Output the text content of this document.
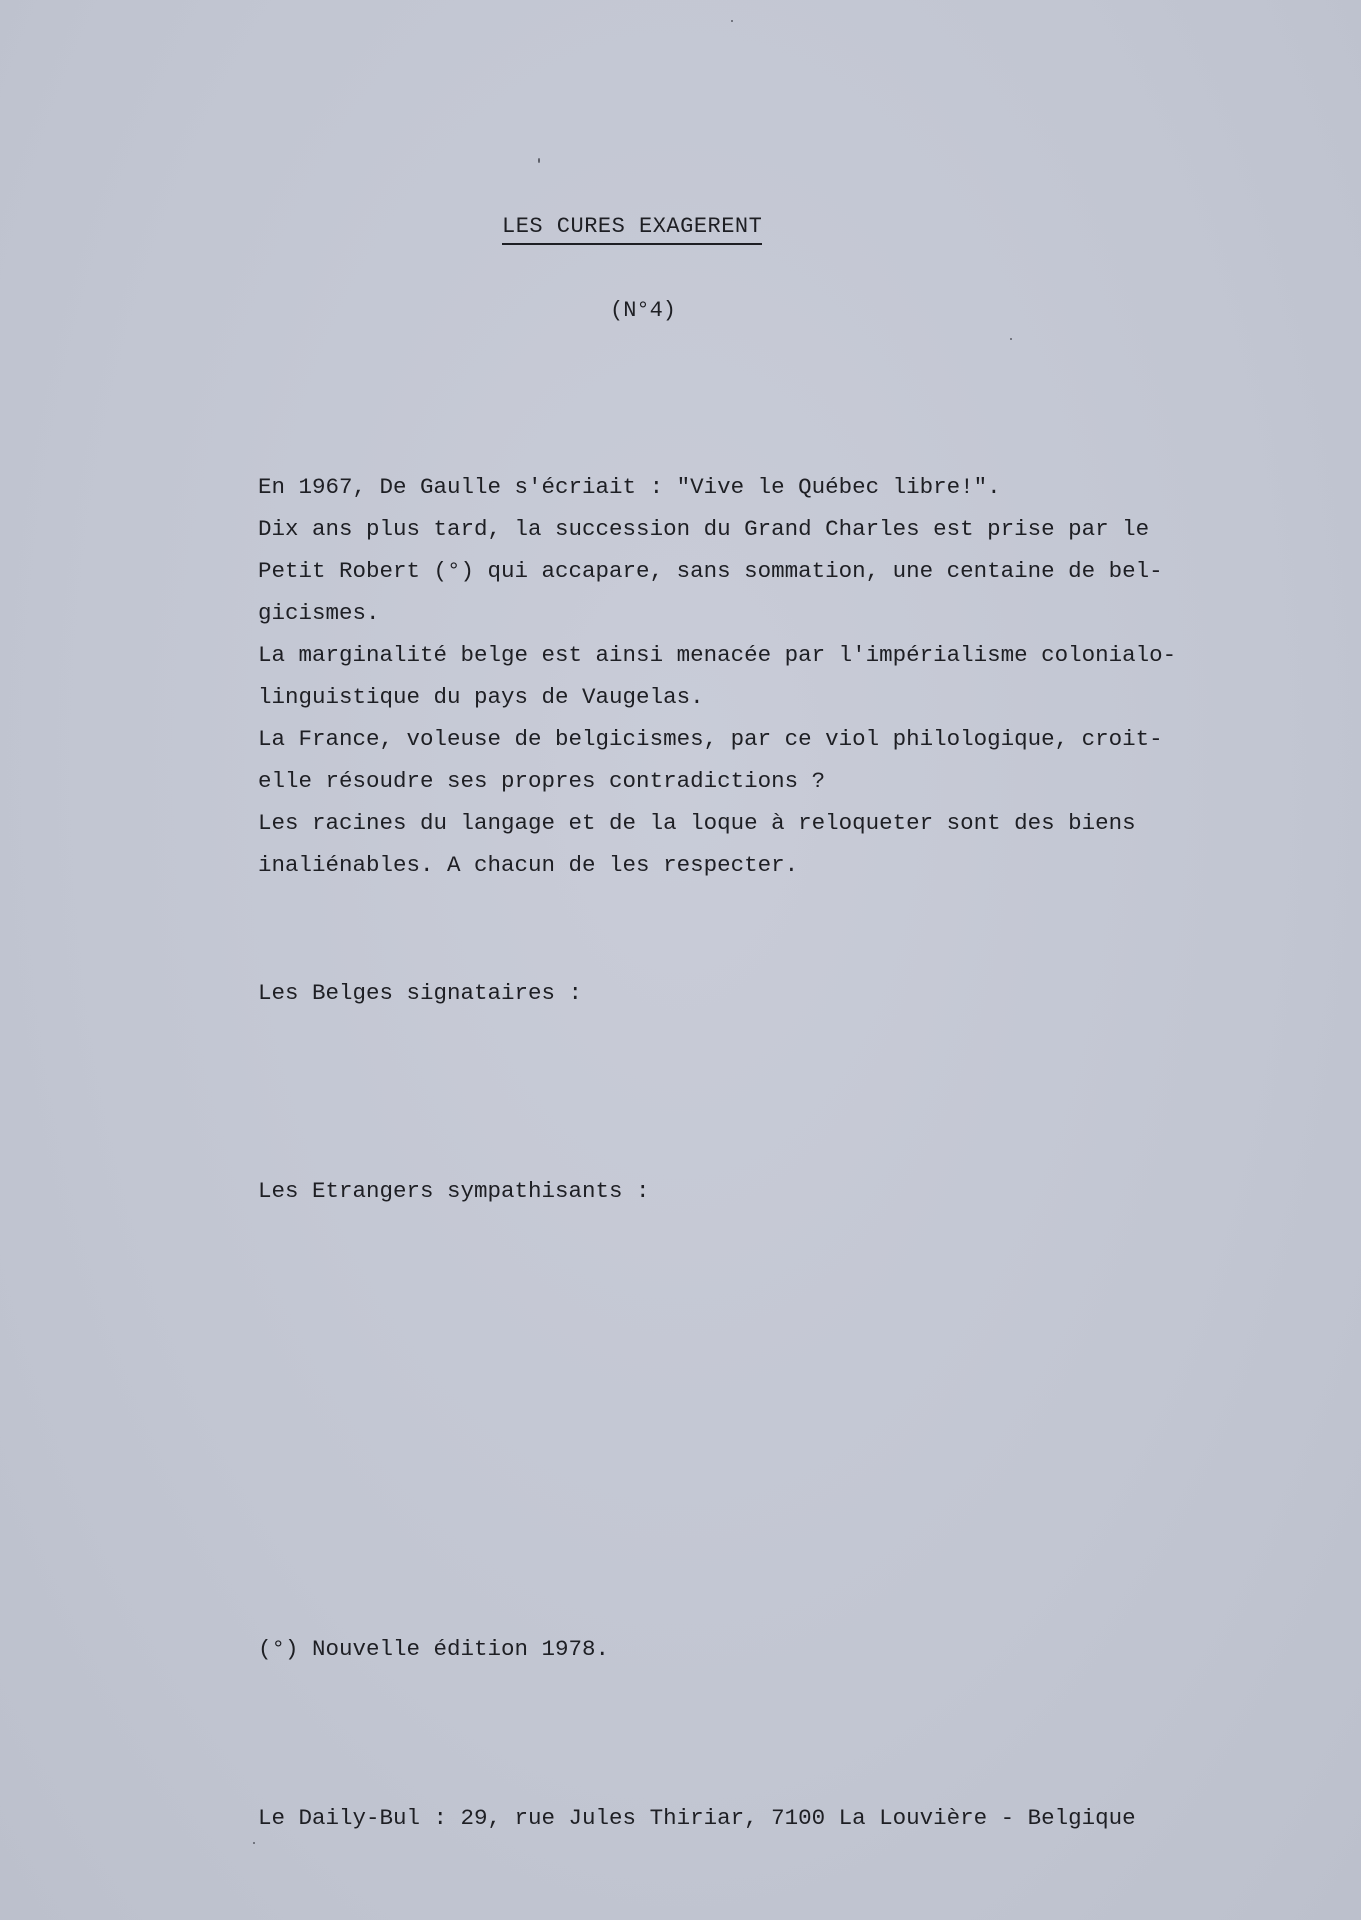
LES CURES EXAGERENT
(N°4)
En 1967, De Gaulle s'écriait : "Vive le Québec libre!".
Dix ans plus tard, la succession du Grand Charles est prise par le
Petit Robert (°) qui accapare, sans sommation, une centaine de bel-
gicismes.
La marginalité belge est ainsi menacée par l'impérialisme colonialo-
linguistique du pays de Vaugelas.
La France, voleuse de belgicismes, par ce viol philologique, croit-
elle résoudre ses propres contradictions ?
Les racines du langage et de la loque à reloqueter sont des biens
inaliénables. A chacun de les respecter.
Les Belges signataires :
Les Etrangers sympathisants :
(°) Nouvelle édition 1978.
Le Daily-Bul : 29, rue Jules Thiriar, 7100 La Louvière - Belgique
